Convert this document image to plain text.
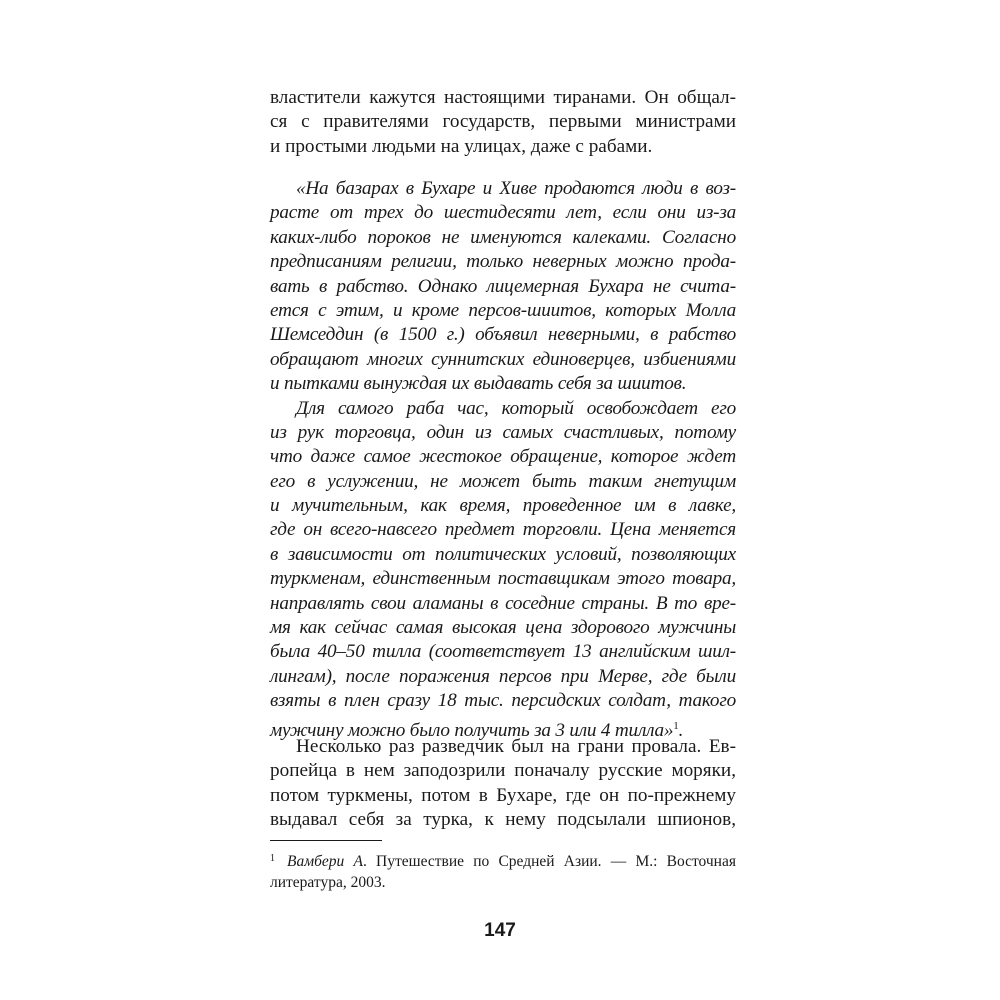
властители кажутся настоящими тиранами. Он общал-
ся с правителями государств, первыми министрами
и простыми людьми на улицах, даже с рабами.
«На базарах в Бухаре и Хиве продаются люди в воз-
расте от трех до шестидесяти лет, если они из-за
каких-либо пороков не именуются калеками. Согласно
предписаниям религии, только неверных можно прода-
вать в рабство. Однако лицемерная Бухара не счита-
ется с этим, и кроме персов-шиитов, которых Молла
Шемседдин (в 1500 г.) объявил неверными, в рабство
обращают многих суннитских единоверцев, избиениями
и пытками вынуждая их выдавать себя за шиитов.
Для самого раба час, который освобождает его
из рук торговца, один из самых счастливых, потому
что даже самое жестокое обращение, которое ждет
его в услужении, не может быть таким гнетущим
и мучительным, как время, проведенное им в лавке,
где он всего-навсего предмет торговли. Цена меняется
в зависимости от политических условий, позволяющих
туркменам, единственным поставщикам этого товара,
направлять свои аламаны в соседние страны. В то вре-
мя как сейчас самая высокая цена здорового мужчины
была 40–50 тилла (соответствует 13 английским шил-
лингам), после поражения персов при Мерве, где были
взяты в плен сразу 18 тыс. персидских солдат, такого
мужчину можно было получить за 3 или 4 тилла»$^1$.
Несколько раз разведчик был на грани провала. Ев-
ропейца в нем заподозрили поначалу русские моряки,
потом туркмены, потом в Бухаре, где он по-прежнему
выдавал себя за турка, к нему подсылали шпионов,
$^1$ Вамбери А. Путешествие по Средней Азии. — М.: Восточная
литература, 2003.
147
